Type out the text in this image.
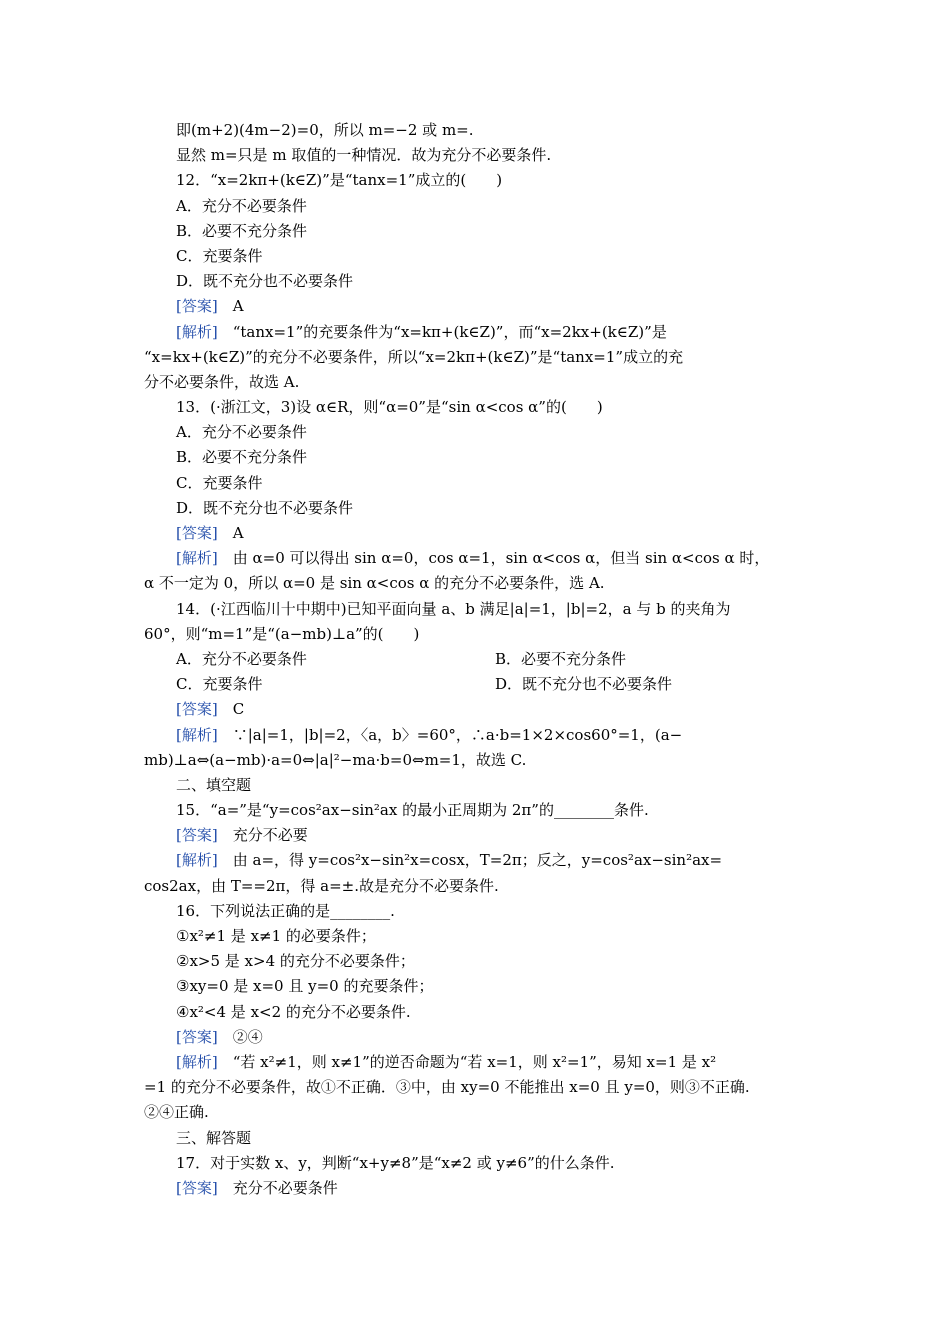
即(m+2)(4m−2)=0，所以 m=−2 或 m=.
显然 m=只是 m 取值的一种情况．故为充分不必要条件.
12．“x=2kπ+(k∈Z)”是“tanx=1”成立的(　　)
A．充分不必要条件
B．必要不充分条件
C．充要条件
D．既不充分也不必要条件
[答案]　 A
[解析]　 “tanx=1”的充要条件为“x=kπ+(k∈Z)”，而“x=2kx+(k∈Z)”是
“x=kx+(k∈Z)”的充分不必要条件，所以“x=2kπ+(k∈Z)”是“tanx=1”成立的充
分不必要条件，故选 A.
13．(·浙江文，3)设 α∈R，则“α=0”是“sin α<cos α”的(　　)
A．充分不必要条件
B．必要不充分条件
C．充要条件
D．既不充分也不必要条件
[答案]　 A
[解析]　 由 α=0 可以得出 sin α=0，cos α=1，sin α<cos α，但当 sin α<cos α 时，
α 不一定为 0，所以 α=0 是 sin α<cos α 的充分不必要条件，选 A.
14．(·江西临川十中期中)已知平面向量 a、b 满足|a|=1，|b|=2，a 与 b 的夹角为
60°，则“m=1”是“(a−mb)⊥a”的(　　)
A．充分不必要条件	B．必要不充分条件
C．充要条件	D．既不充分也不必要条件
[答案]　 C
[解析]　 ∵|a|=1，|b|=2，〈a，b〉=60°，∴a·b=1×2×cos60°=1，(a−
mb)⊥a⇔(a−mb)·a=0⇔|a|²−ma·b=0⇔m=1，故选 C.
二、填空题
15．“a=”是“y=cos²ax−sin²ax 的最小正周期为 2π”的________条件.
[答案]　 充分不必要
[解析]　 由 a=，得 y=cos²x−sin²x=cosx，T=2π；反之，y=cos²ax−sin²ax=
cos2ax，由 T==2π，得 a=±.故是充分不必要条件.
16．下列说法正确的是________.
①x²≠1 是 x≠1 的必要条件；
②x>5 是 x>4 的充分不必要条件；
③xy=0 是 x=0 且 y=0 的充要条件；
④x²<4 是 x<2 的充分不必要条件.
[答案]　 ②④
[解析]　 “若 x²≠1，则 x≠1”的逆否命题为“若 x=1，则 x²=1”，易知 x=1 是 x²
=1 的充分不必要条件，故①不正确．③中，由 xy=0 不能推出 x=0 且 y=0，则③不正确.
②④正确.
三、解答题
17．对于实数 x、y，判断“x+y≠8”是“x≠2 或 y≠6”的什么条件.
[答案]　 充分不必要条件
